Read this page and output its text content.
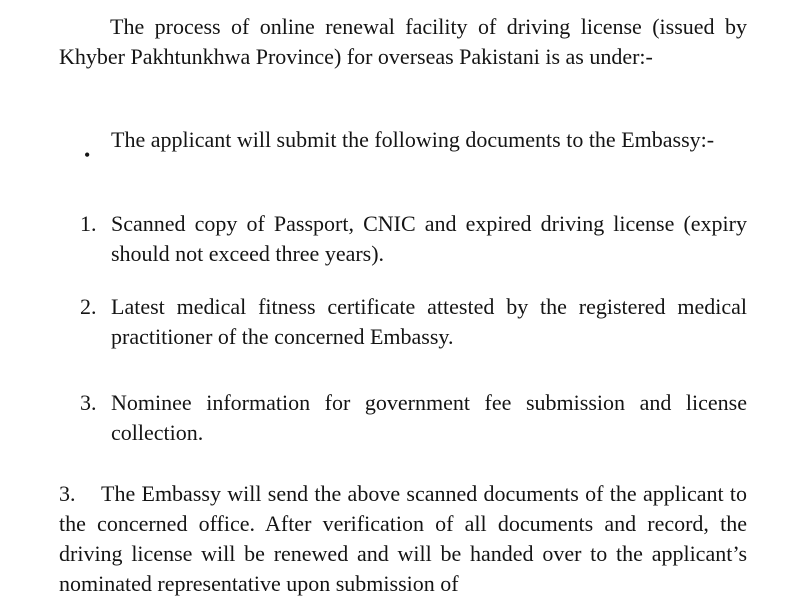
The process of online renewal facility of driving license (issued by Khyber Pakhtunkhwa Province) for overseas Pakistani is as under:-
•
The applicant will submit the following documents to the Embassy:-
1. Scanned copy of Passport, CNIC and expired driving license (expiry should not exceed three years).
2. Latest medical fitness certificate attested by the registered medical practitioner of the concerned Embassy.
3. Nominee information for government fee submission and license collection.
3.	The Embassy will send the above scanned documents of the applicant to the concerned office. After verification of all documents and record, the driving license will be renewed and will be handed over to the applicant’s nominated representative upon submission of
